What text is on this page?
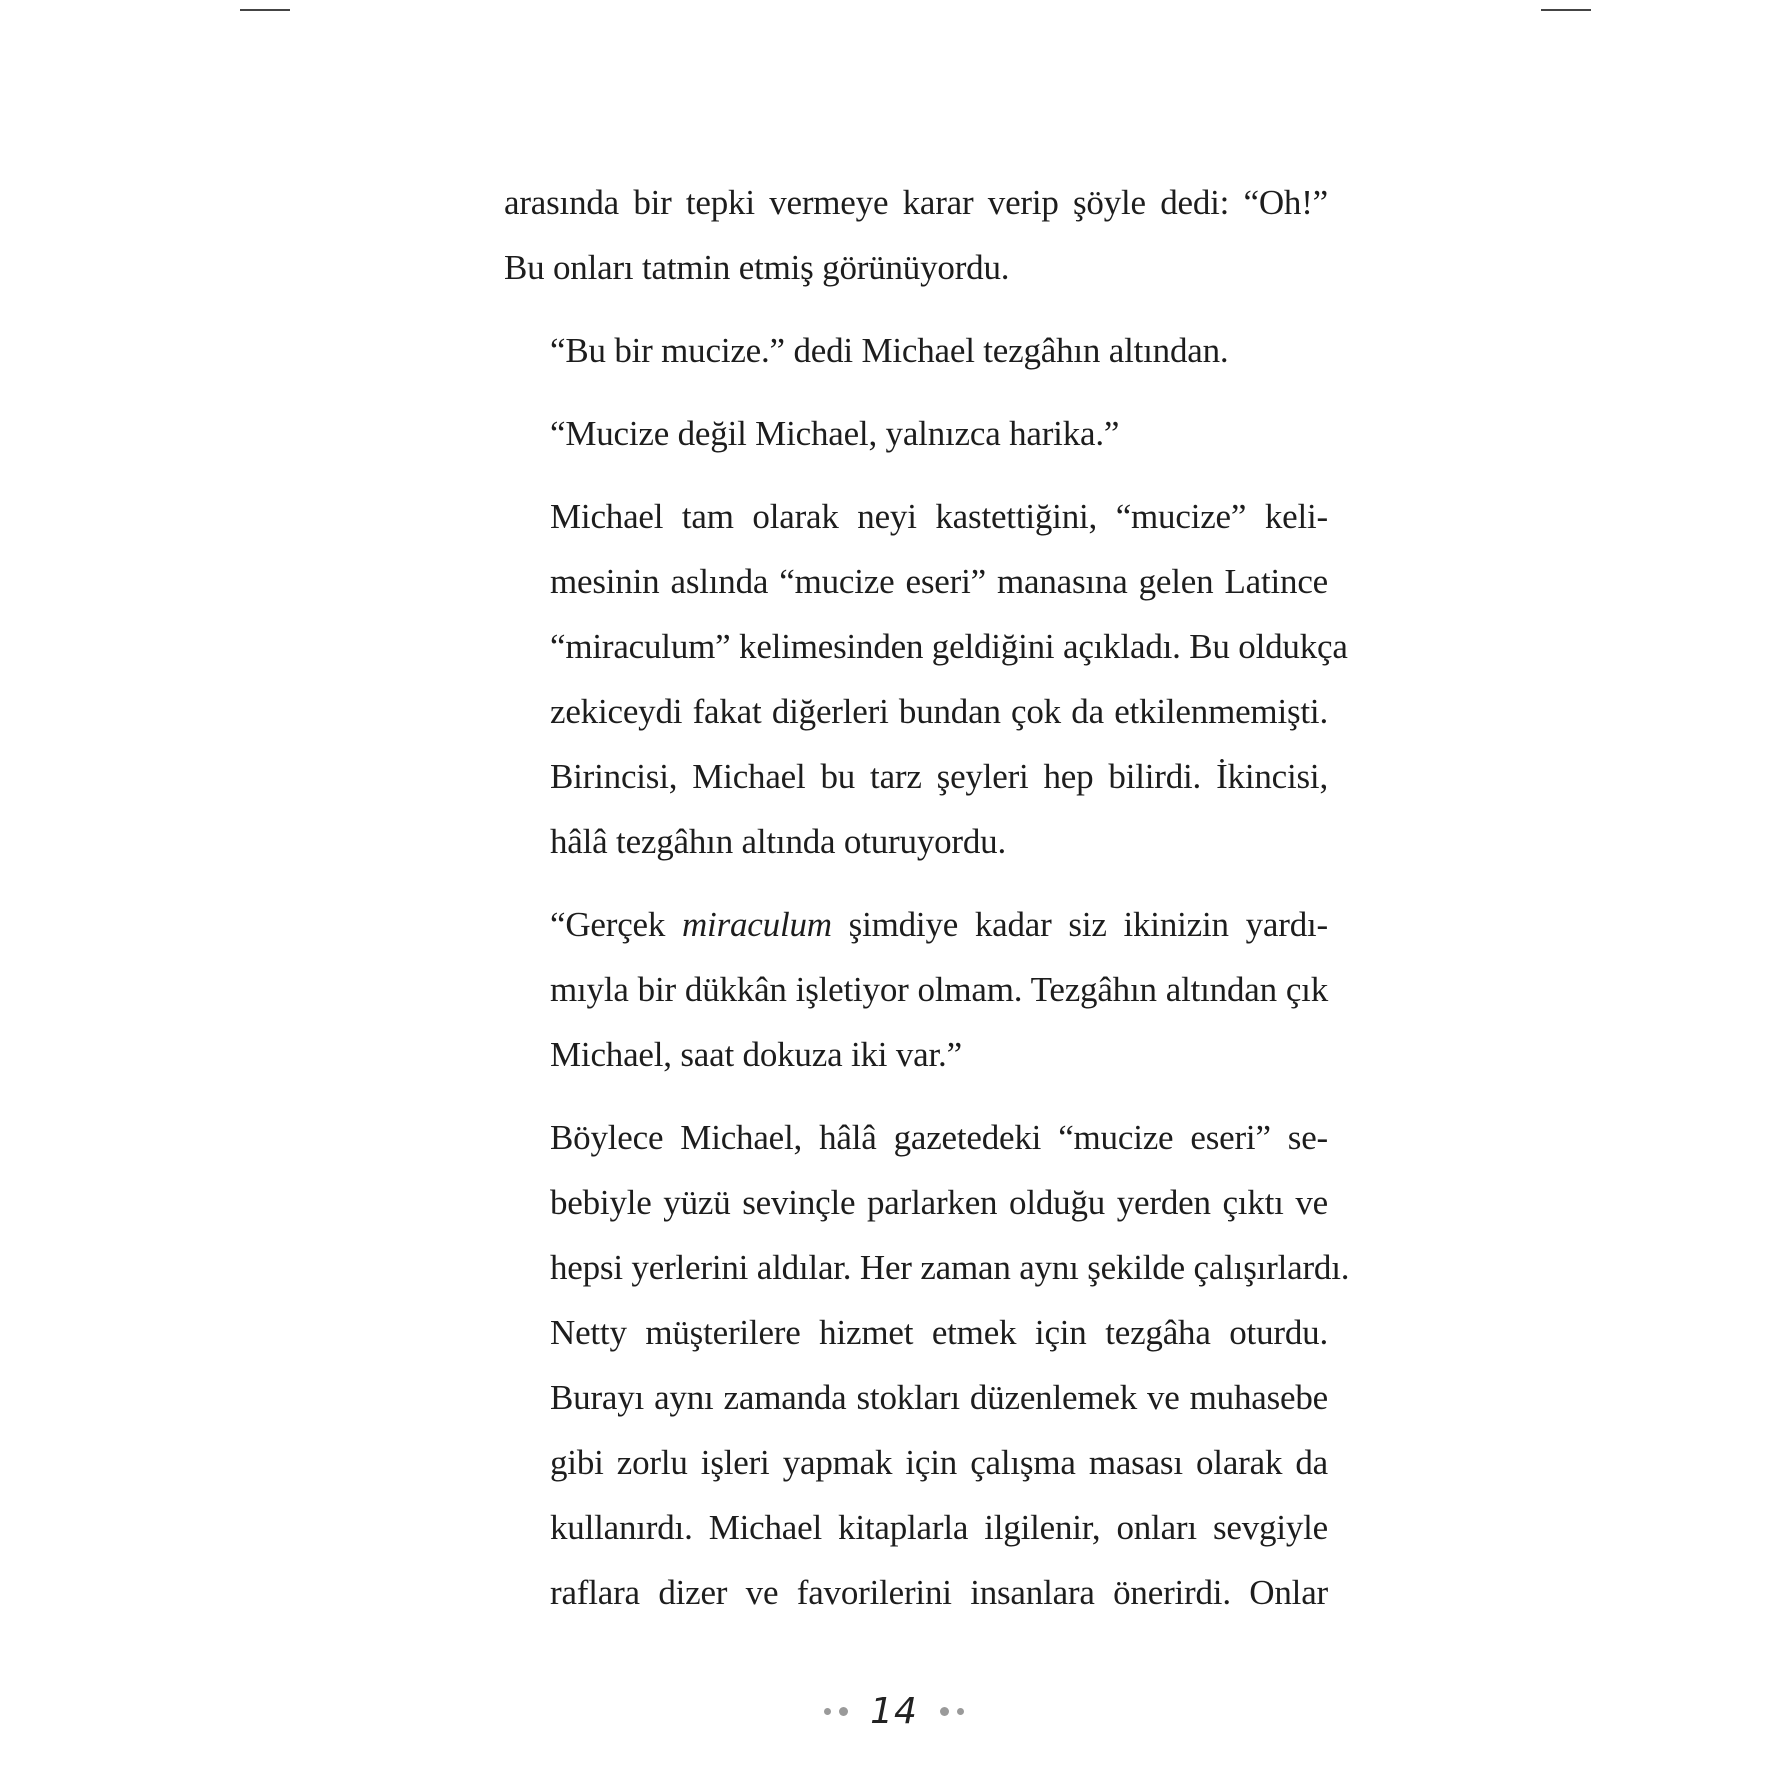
arasında bir tepki vermeye karar verip şöyle dedi: “Oh!”
Bu onları tatmin etmiş görünüyordu.

“Bu bir mucize.” dedi Michael tezgâhın altından.

“Mucize değil Michael, yalnızca harika.”

Michael tam olarak neyi kastettiğini, “mucize” keli-
mesinin aslında “mucize eseri” manasına gelen Latince
“miraculum” kelimesinden geldiğini açıkladı. Bu oldukça
zekiceydi fakat diğerleri bundan çok da etkilenmemişti.
Birincisi, Michael bu tarz şeyleri hep bilirdi. İkincisi,
hâlâ tezgâhın altında oturuyordu.

“Gerçek miraculum şimdiye kadar siz ikinizin yardı-
mıyla bir dükkân işletiyor olmam. Tezgâhın altından çık
Michael, saat dokuza iki var.”

Böylece Michael, hâlâ gazetedeki “mucize eseri” se-
bebiyle yüzü sevinçle parlarken olduğu yerden çıktı ve
hepsi yerlerini aldılar. Her zaman aynı şekilde çalışırlardı.
Netty müşterilere hizmet etmek için tezgâha oturdu.
Burayı aynı zamanda stokları düzenlemek ve muhasebe
gibi zorlu işleri yapmak için çalışma masası olarak da
kullanırdı. Michael kitaplarla ilgilenir, onları sevgiyle
raflara dizer ve favorilerini insanlara önerirdi. Onlar

14
